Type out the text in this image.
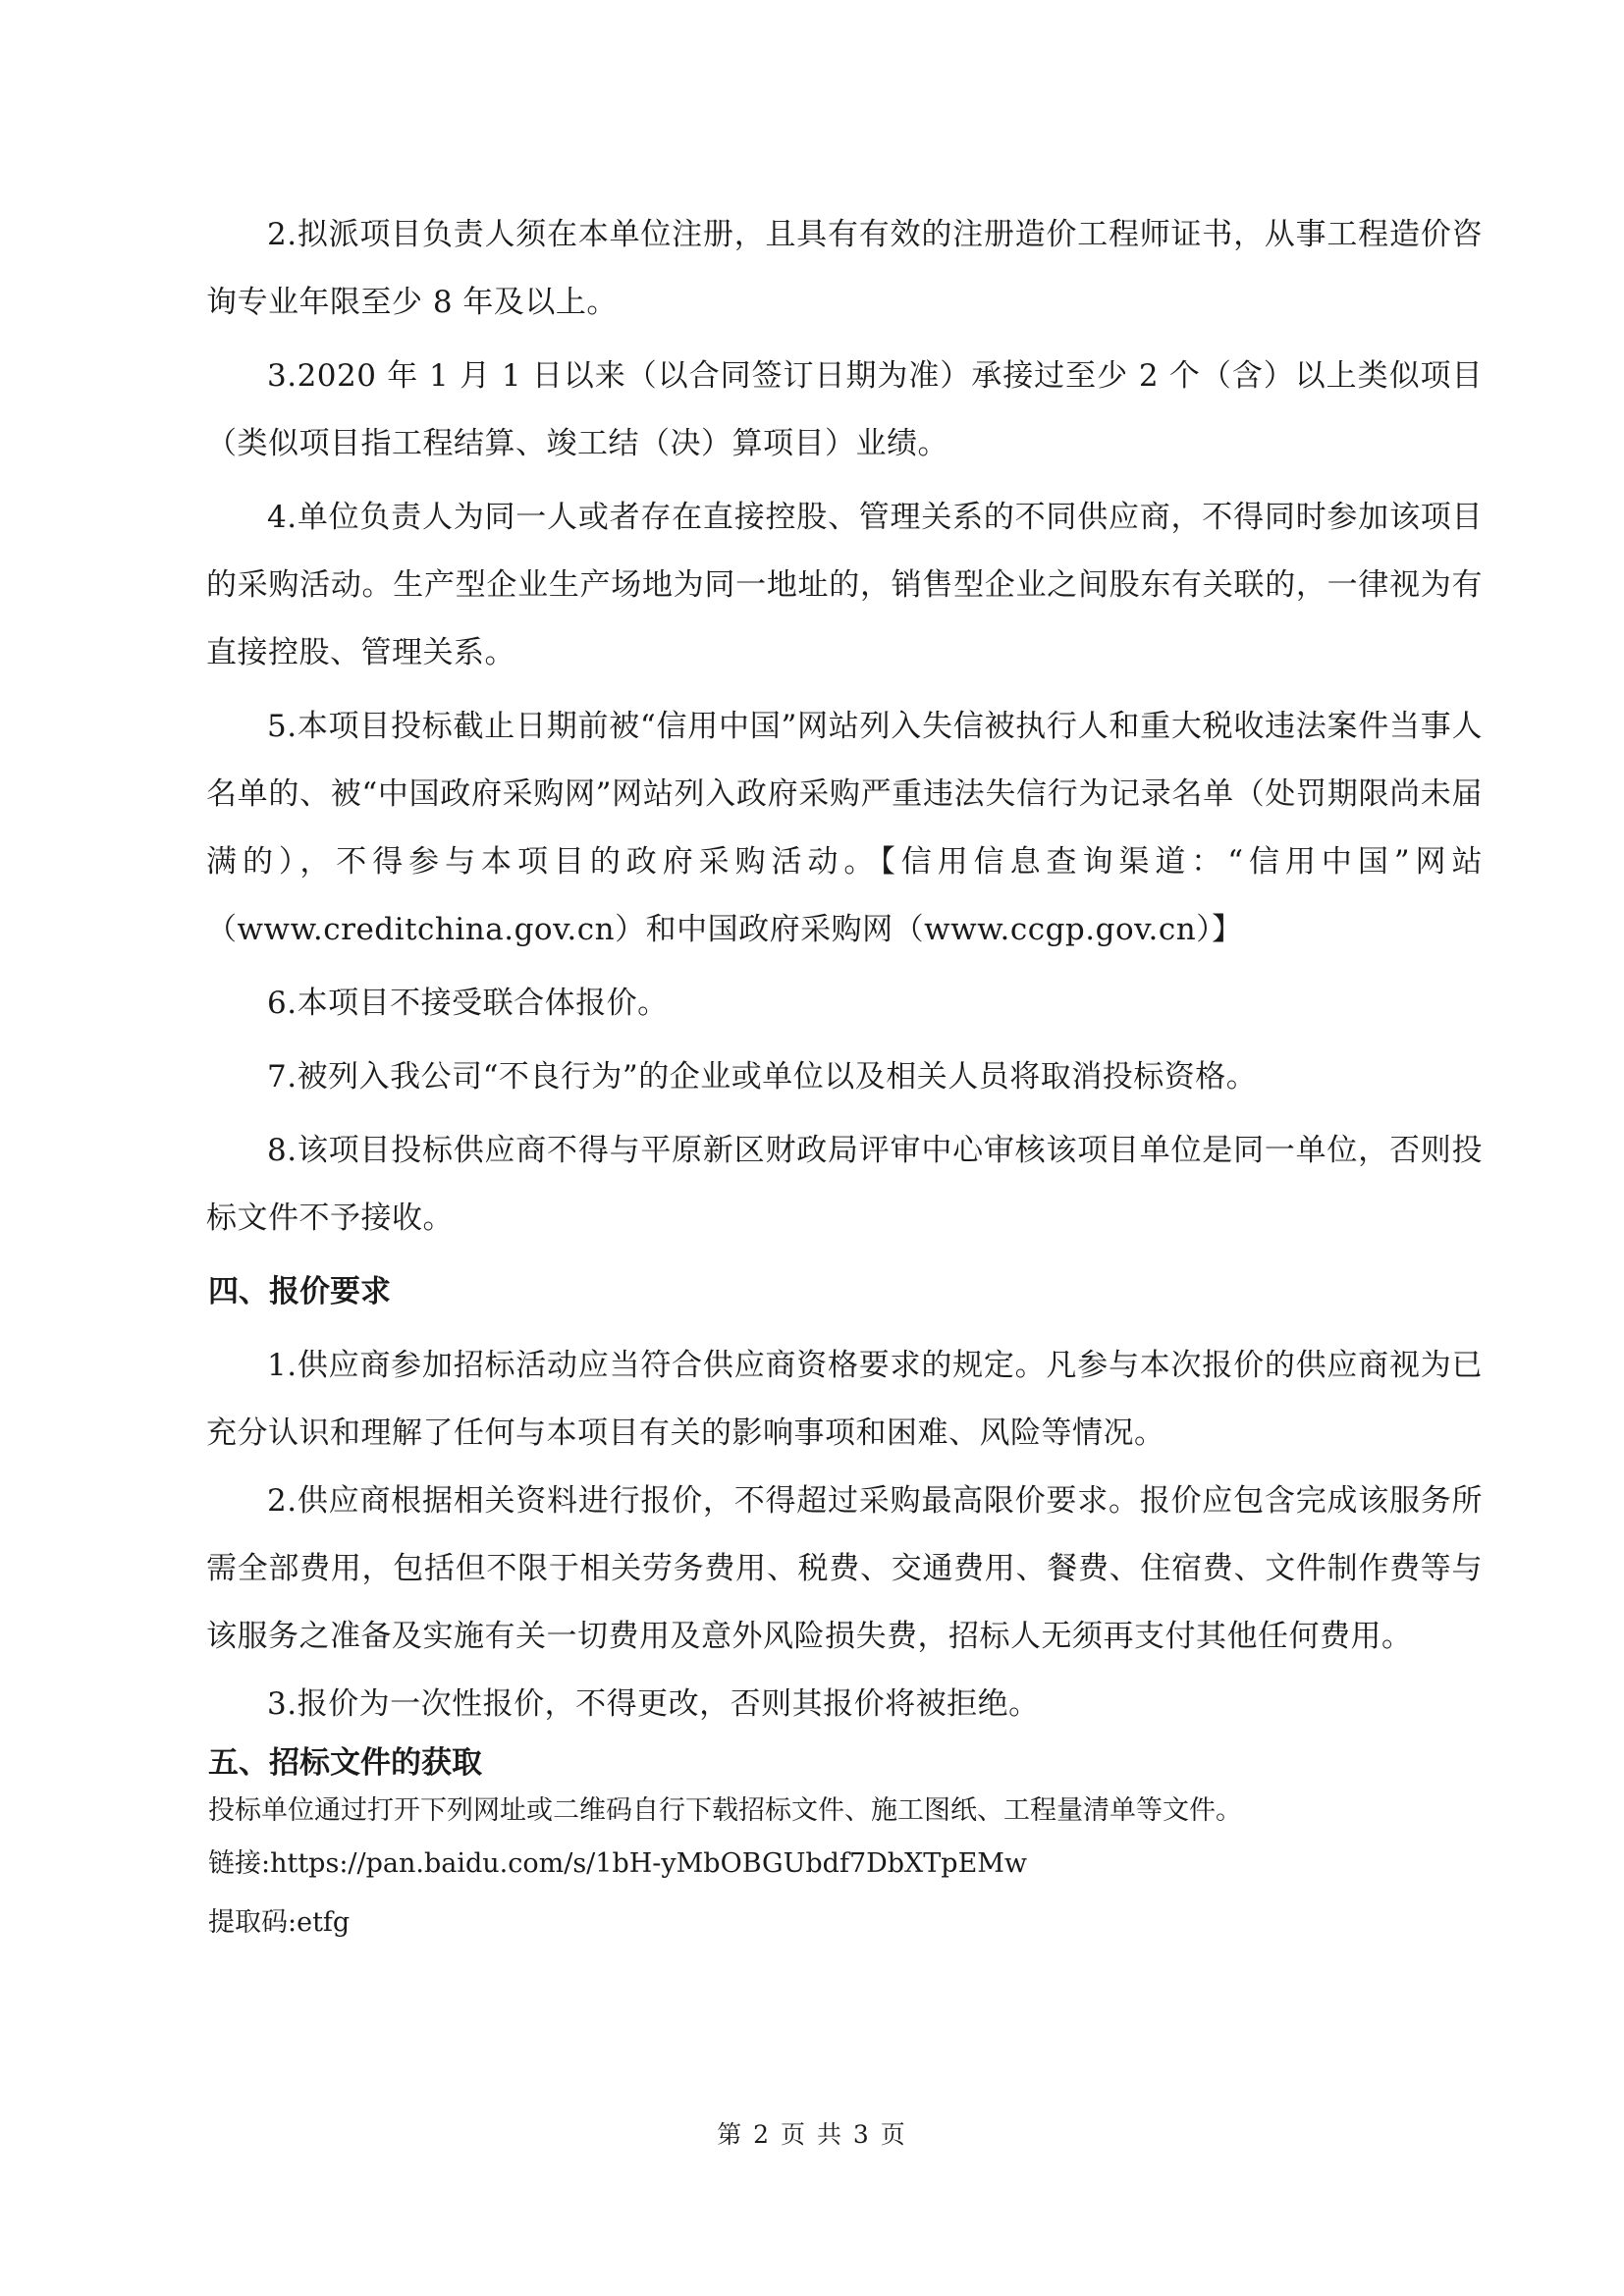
2.拟派项目负责人须在本单位注册，且具有有效的注册造价工程师证书，从事工程造价咨询专业年限至少 8 年及以上。

3.2020 年 1 月 1 日以来（以合同签订日期为准）承接过至少 2 个（含）以上类似项目（类似项目指工程结算、竣工结（决）算项目）业绩。

4.单位负责人为同一人或者存在直接控股、管理关系的不同供应商，不得同时参加该项目的采购活动。生产型企业生产场地为同一地址的，销售型企业之间股东有关联的，一律视为有直接控股、管理关系。

5.本项目投标截止日期前被“信用中国”网站列入失信被执行人和重大税收违法案件当事人名单的、被“中国政府采购网”网站列入政府采购严重违法失信行为记录名单（处罚期限尚未届满的），不得参与本项目的政府采购活动。【信用信息查询渠道：“信用中国”网站（www.creditchina.gov.cn）和中国政府采购网（www.ccgp.gov.cn）】

6.本项目不接受联合体报价。

7.被列入我公司“不良行为”的企业或单位以及相关人员将取消投标资格。

8.该项目投标供应商不得与平原新区财政局评审中心审核该项目单位是同一单位，否则投标文件不予接收。

四、报价要求

1.供应商参加招标活动应当符合供应商资格要求的规定。凡参与本次报价的供应商视为已充分认识和理解了任何与本项目有关的影响事项和困难、风险等情况。

2.供应商根据相关资料进行报价，不得超过采购最高限价要求。报价应包含完成该服务所需全部费用，包括但不限于相关劳务费用、税费、交通费用、餐费、住宿费、文件制作费等与该服务之准备及实施有关一切费用及意外风险损失费，招标人无须再支付其他任何费用。

3.报价为一次性报价，不得更改，否则其报价将被拒绝。

五、招标文件的获取

投标单位通过打开下列网址或二维码自行下载招标文件、施工图纸、工程量清单等文件。

链接:https://pan.baidu.com/s/1bH-yMbOBGUbdf7DbXTpEMw

提取码:etfg

第 2 页 共 3 页
